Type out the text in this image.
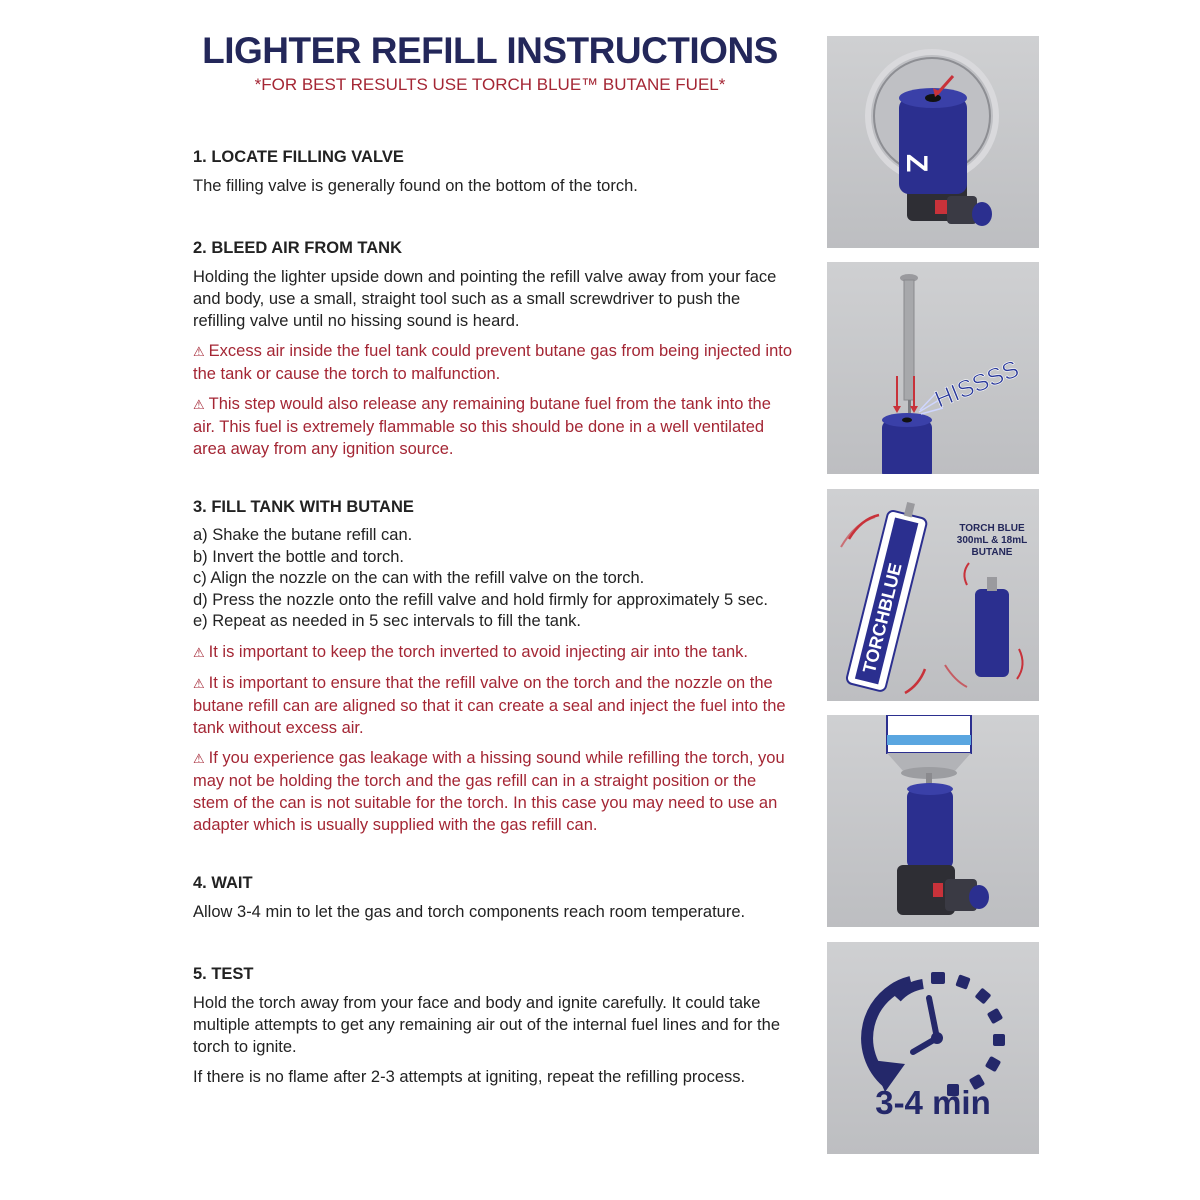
LIGHTER REFILL INSTRUCTIONS
*FOR BEST RESULTS USE TORCH BLUE™ BUTANE FUEL*
1. LOCATE FILLING VALVE
The filling valve is generally found on the bottom of the torch.
2. BLEED AIR FROM TANK
Holding the lighter upside down and pointing the refill valve away from your face and body, use a small, straight tool such as a small screwdriver to push the refilling valve until no hissing sound is heard.
⚠ Excess air inside the fuel tank could prevent butane gas from being injected into the tank or cause the torch to malfunction.
⚠ This step would also release any remaining butane fuel from the tank into the air. This fuel is extremely flammable so this should be done in a well ventilated area away from any ignition source.
3. FILL TANK WITH BUTANE
a) Shake the butane refill can.
b) Invert the bottle and torch.
c) Align the nozzle on the can with the refill valve on the torch.
d) Press the nozzle onto the refill valve and hold firmly for approximately 5 sec.
e) Repeat as needed in 5 sec intervals to fill the tank.
⚠ It is important to keep the torch inverted to avoid injecting air into the tank.
⚠ It is important to ensure that the refill valve on the torch and the nozzle on the butane refill can are aligned so that it can create a seal and inject the fuel into the tank without excess air.
⚠ If you experience gas leakage with a hissing sound while refilling the torch, you may not be holding the torch and the gas refill can in a straight position or the stem of the can is not suitable for the torch. In this case you may need to use an adapter which is usually supplied with the gas refill can.
4. WAIT
Allow 3-4 min to let the gas and torch components reach room temperature.
5. TEST
Hold the torch away from your face and body and ignite carefully. It could take multiple attempts to get any remaining air out of the internal fuel lines and for the torch to ignite.
If there is no flame after 2-3 attempts at igniting, repeat the refilling process.
Z
HISSSS
TORCHBLUE
TORCH BLUE
300mL & 18mL
BUTANE
3-4 min
